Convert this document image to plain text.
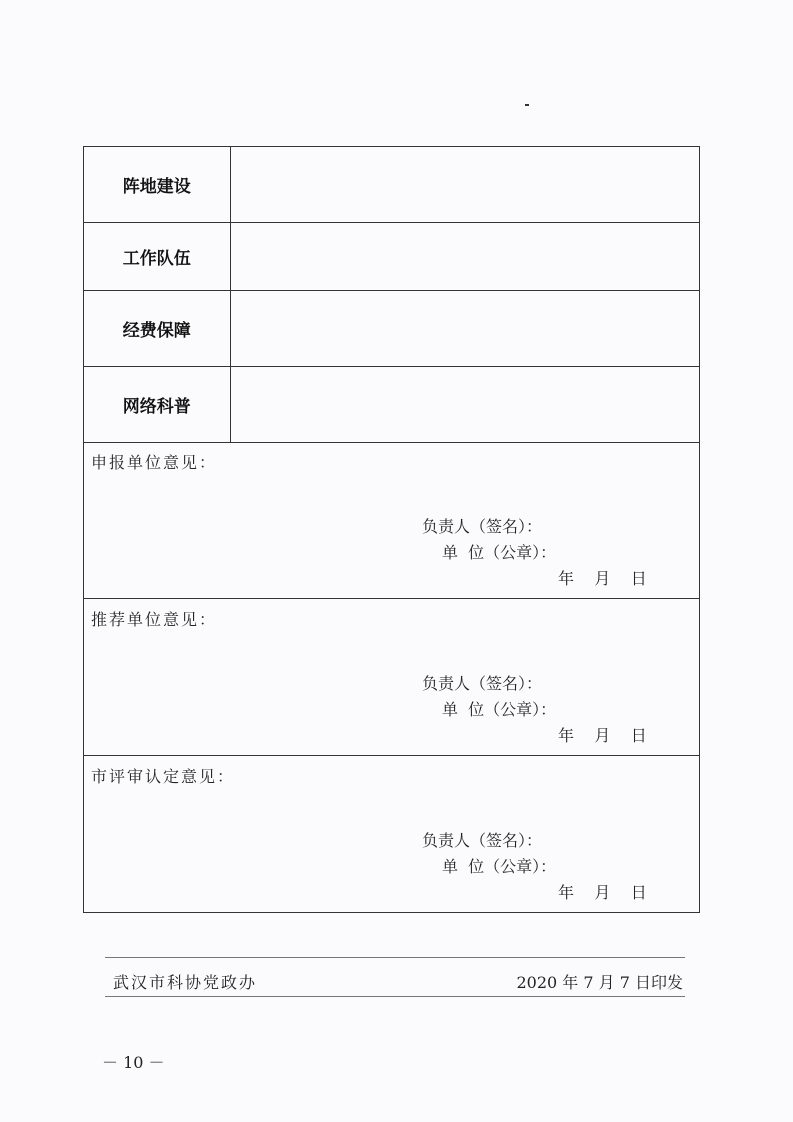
阵地建设	
工作队伍	
经费保障	
网络科普	
申报单位意见：
负责人（签名）：
单  位（公章）：
年    月    日
推荐单位意见：
负责人（签名）：
单  位（公章）：
年    月    日
市评审认定意见：
负责人（签名）：
单  位（公章）：
年    月    日
武汉市科协党政办	2020 年 7 月 7 日印发
－ 10 －
